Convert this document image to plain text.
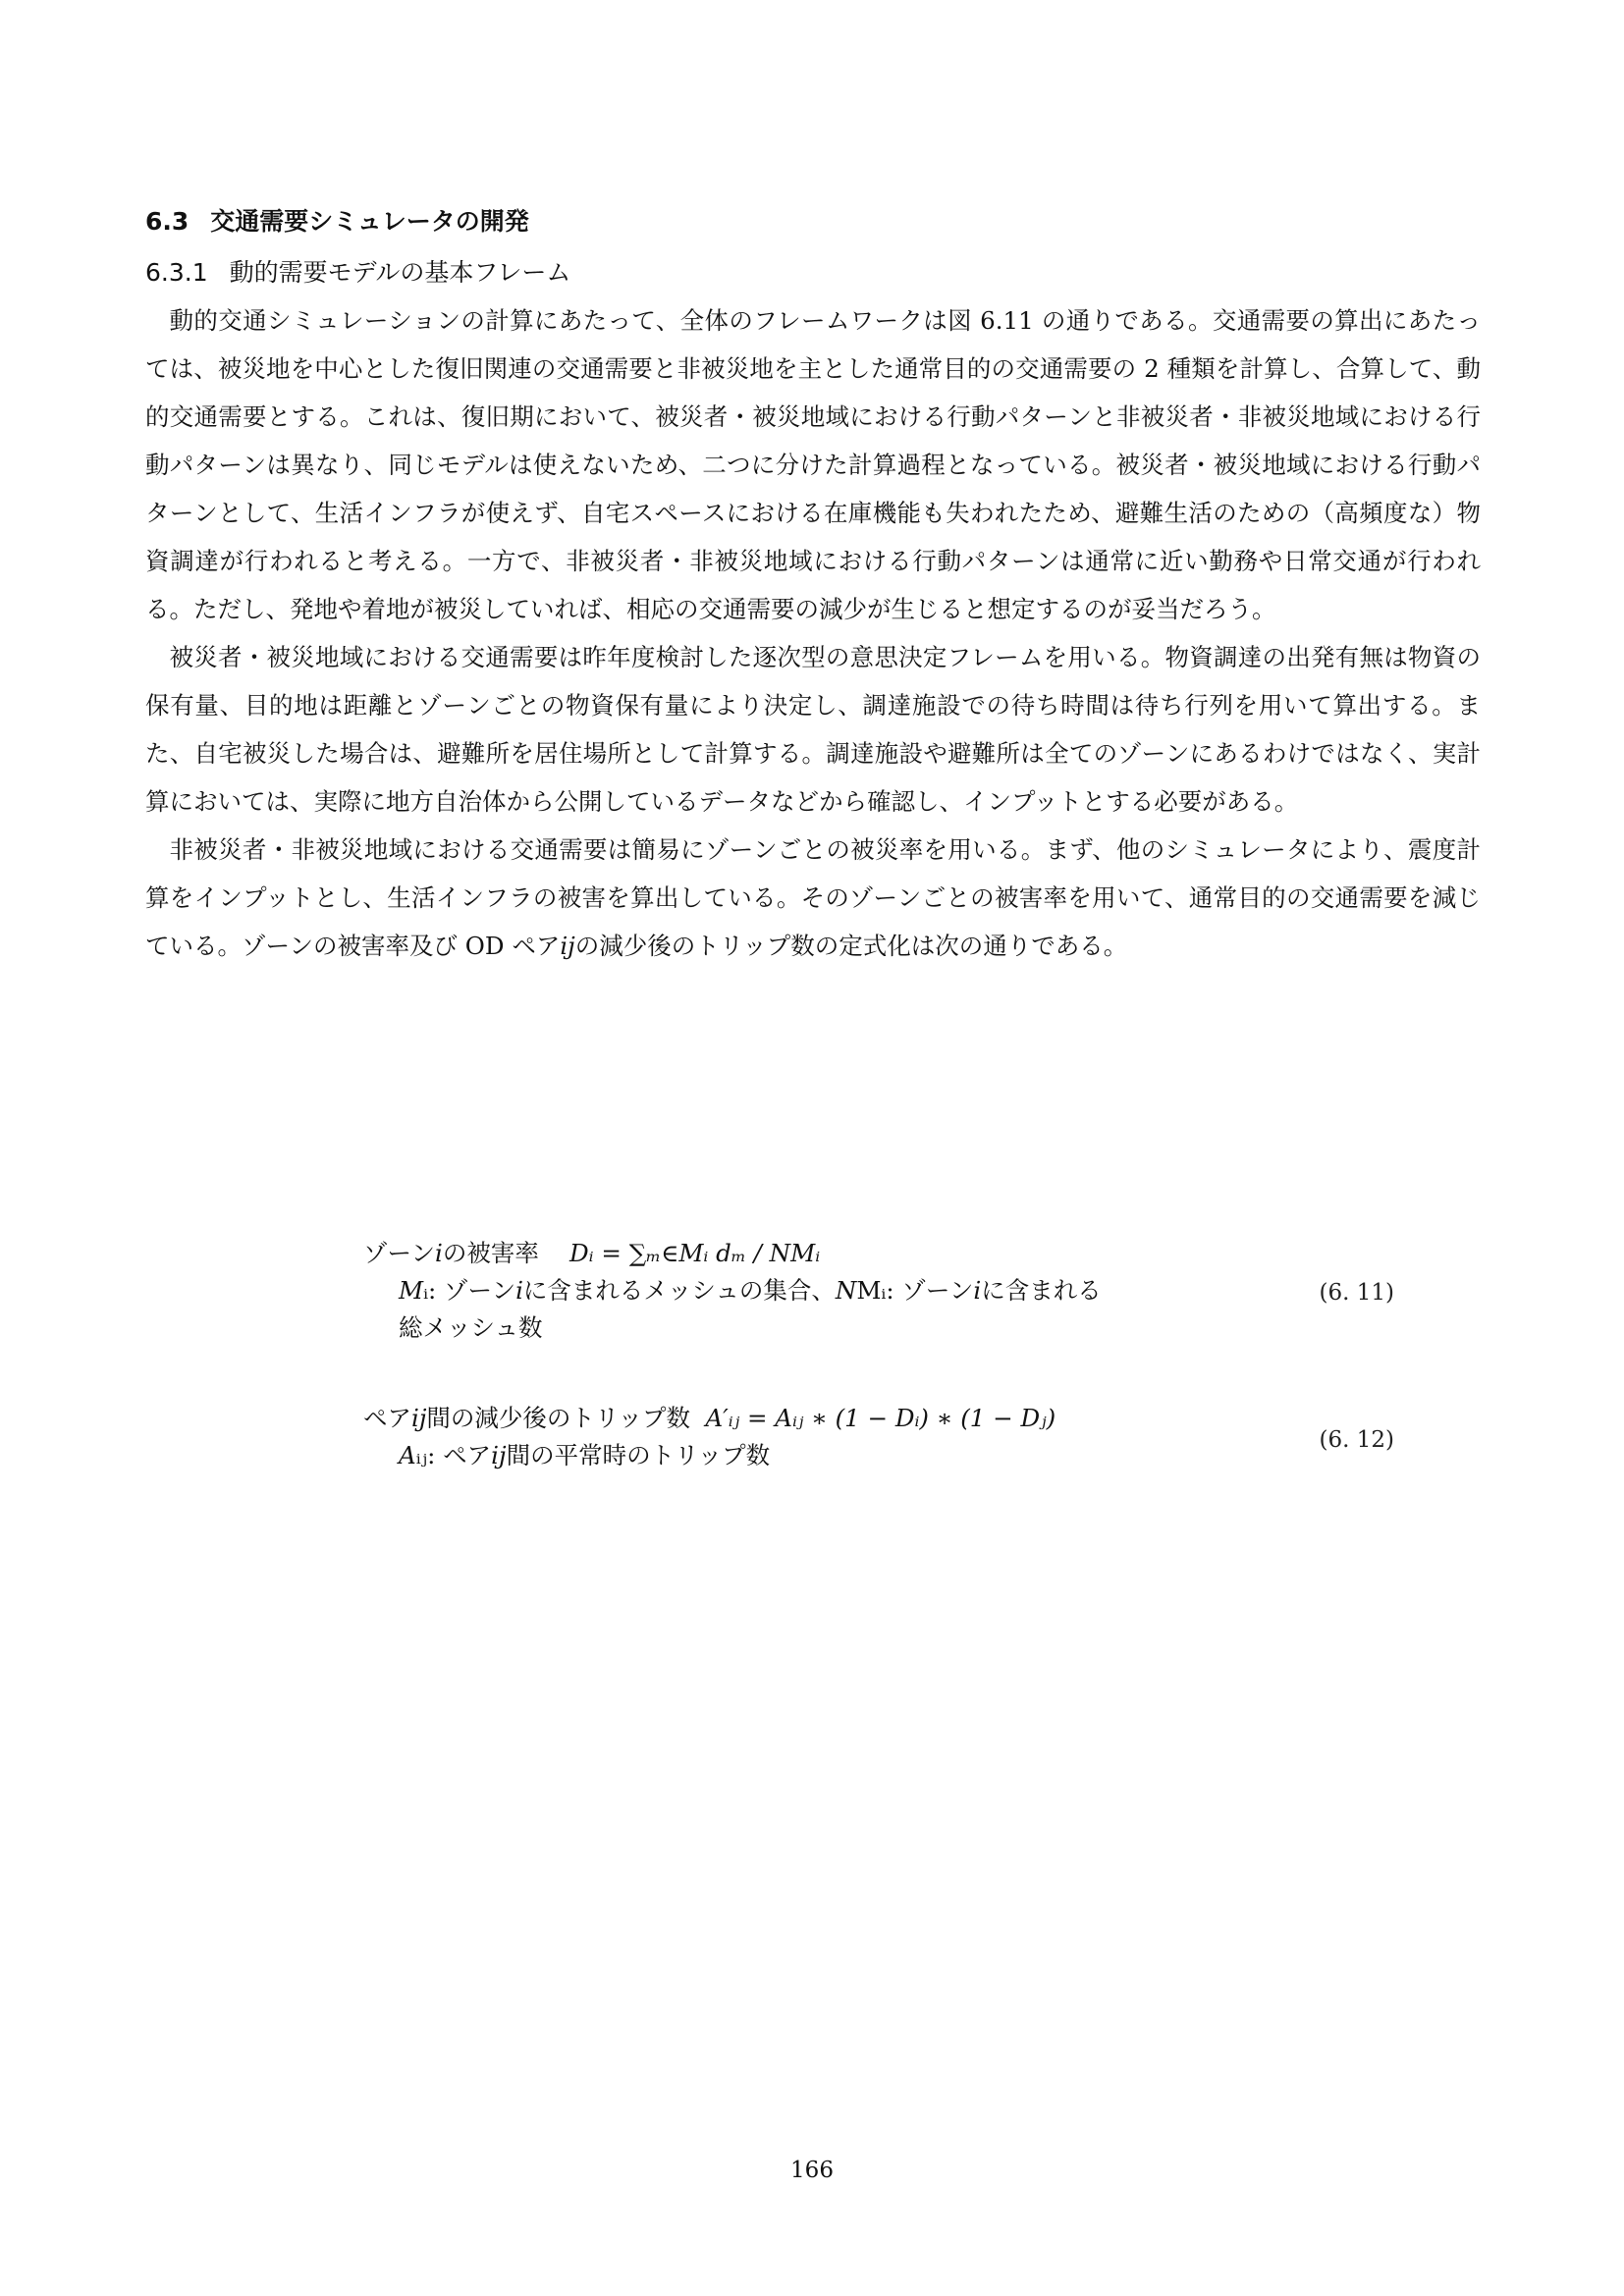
6.3 交通需要シミュレータの開発
6.3.1 動的需要モデルの基本フレーム

動的交通シミュレーションの計算にあたって、全体のフレームワークは図 6.11 の通りである。交通需要の算出にあたっては、被災地を中心とした復旧関連の交通需要と非被災地を主とした通常目的の交通需要の 2 種類を計算し、合算して、動的交通需要とする。これは、復旧期において、被災者・被災地域における行動パターンと非被災者・非被災地域における行動パターンは異なり、同じモデルは使えないため、二つに分けた計算過程となっている。被災者・被災地域における行動パターンとして、生活インフラが使えず、自宅スペースにおける在庫機能も失われたため、避難生活のための（高頻度な）物資調達が行われると考える。一方で、非被災者・非被災地域における行動パターンは通常に近い勤務や日常交通が行われる。ただし、発地や着地が被災していれば、相応の交通需要の減少が生じると想定するのが妥当だろう。

被災者・被災地域における交通需要は昨年度検討した逐次型の意思決定フレームを用いる。物資調達の出発有無は物資の保有量、目的地は距離とゾーンごとの物資保有量により決定し、調達施設での待ち時間は待ち行列を用いて算出する。また、自宅被災した場合は、避難所を居住場所として計算する。調達施設や避難所は全てのゾーンにあるわけではなく、実計算においては、実際に地方自治体から公開しているデータなどから確認し、インプットとする必要がある。

非被災者・非被災地域における交通需要は簡易にゾーンごとの被災率を用いる。まず、他のシミュレータにより、震度計算をインプットとし、生活インフラの被害を算出している。そのゾーンごとの被害率を用いて、通常目的の交通需要を減じている。ゾーンの被害率及び OD ペア𝑖𝑗の減少後のトリップ数の定式化は次の通りである。

ゾーン𝑖の被害率 𝐷ᵢ = ∑ₘ∈Mᵢ 𝑑ₘ / 𝑁Mᵢ
𝑀ᵢ: ゾーン𝑖に含まれるメッシュの集合、𝑁Mᵢ: ゾーン𝑖に含まれる
総メッシュ数
(6. 11)
ペア𝑖𝑗間の減少後のトリップ数 𝐴′ᵢⱼ = 𝐴ᵢⱼ ∗ (1 − 𝐷ᵢ) ∗ (1 − 𝐷ⱼ)
𝐴ᵢⱼ: ペア𝑖𝑗間の平常時のトリップ数
(6. 12)
166
